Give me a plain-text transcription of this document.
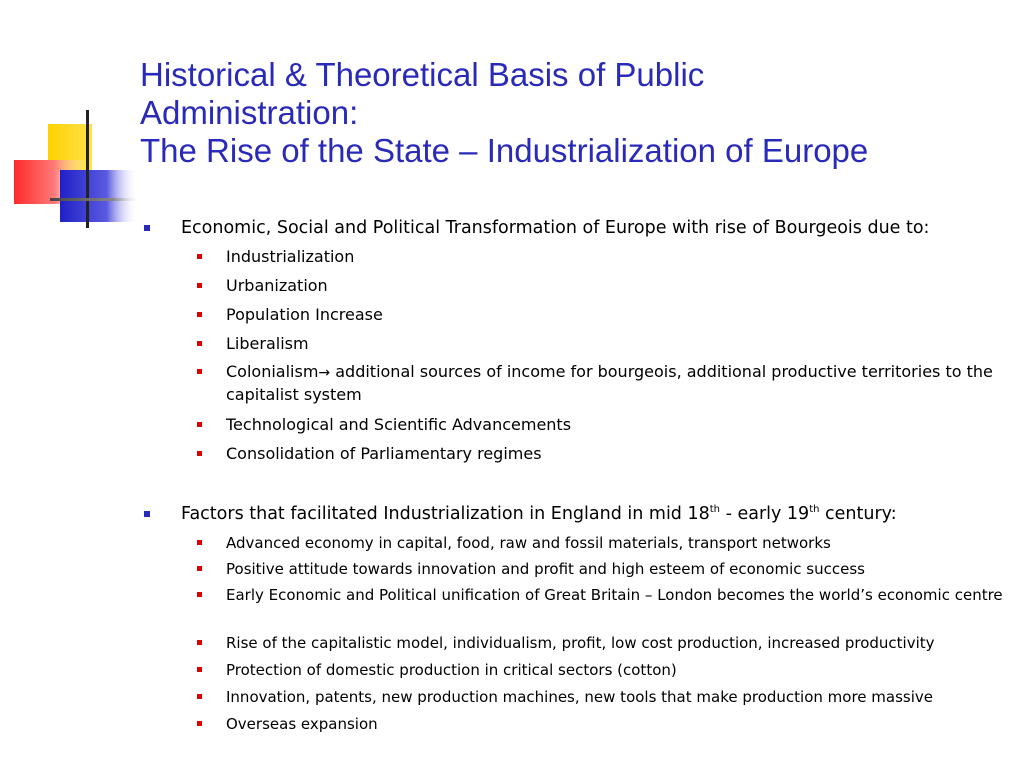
Historical & Theoretical Basis of Public
Administration:
The Rise of the State – Industrialization of Europe
Economic, Social and Political Transformation of Europe with rise of Bourgeois due to:
Industrialization
Urbanization
Population Increase
Liberalism
Colonialism→ additional sources of income for bourgeois, additional productive territories to the capitalist system
Technological and Scientific Advancements
Consolidation of Parliamentary regimes
Factors that facilitated Industrialization in England in mid 18th - early 19th century:
Advanced economy in capital, food, raw and fossil materials, transport networks
Positive attitude towards innovation and profit and high esteem of economic success
Early Economic and Political unification of Great Britain – London becomes the world’s economic centre
Rise of the capitalistic model, individualism, profit, low cost production, increased productivity
Protection of domestic production in critical sectors (cotton)
Innovation, patents, new production machines, new tools that make production more massive
Overseas expansion
